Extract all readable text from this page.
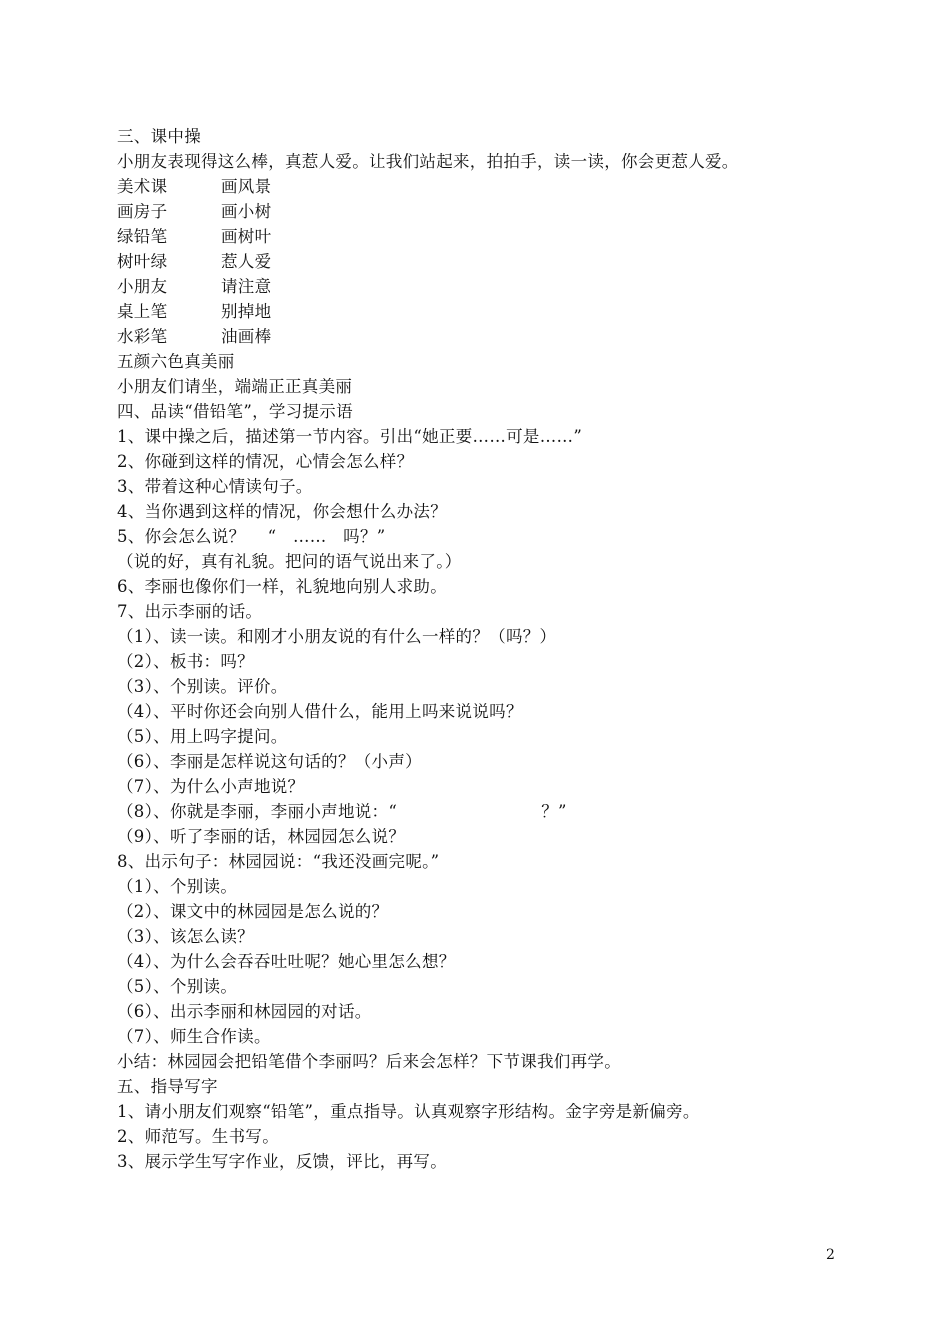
三、课中操
小朋友表现得这么棒，真惹人爱。让我们站起来，拍拍手，读一读，你会更惹人爱。
美术课	画风景
画房子	画小树
绿铅笔	画树叶
树叶绿	惹人爱
小朋友	请注意
桌上笔	别掉地
水彩笔	油画棒
五颜六色真美丽
小朋友们请坐，端端正正真美丽
四、品读“借铅笔”，学习提示语
1、课中操之后，描述第一节内容。引出“她正要……可是……”
2、你碰到这样的情况，心情会怎么样？
3、带着这种心情读句子。
4、当你遇到这样的情况，你会想什么办法？
5、你会怎么说？    “   ……   吗？”
（说的好，真有礼貌。把问的语气说出来了。）
6、李丽也像你们一样，礼貌地向别人求助。
7、出示李丽的话。
（1）、读一读。和刚才小朋友说的有什么一样的？（吗？）
（2）、板书：吗？
（3）、个别读。评价。
（4）、平时你还会向别人借什么，能用上吗来说说吗？
（5）、用上吗字提问。
（6）、李丽是怎样说这句话的？（小声）
（7）、为什么小声地说？
（8）、你就是李丽，李丽小声地说：“                          ？”
（9）、听了李丽的话，林园园怎么说？
8、出示句子：林园园说：“我还没画完呢。”
（1）、个别读。
（2）、课文中的林园园是怎么说的？
（3）、该怎么读？
（4）、为什么会吞吞吐吐呢？她心里怎么想？
（5）、个别读。
（6）、出示李丽和林园园的对话。
（7）、师生合作读。
小结：林园园会把铅笔借个李丽吗？后来会怎样？下节课我们再学。
五、指导写字
1、请小朋友们观察“铅笔”，重点指导。认真观察字形结构。金字旁是新偏旁。
2、师范写。生书写。
3、展示学生写字作业，反馈，评比，再写。
2
